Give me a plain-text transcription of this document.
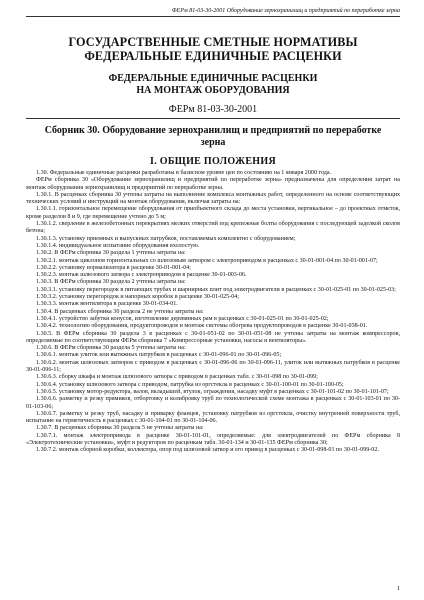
ФЕРм 81-03-30-2001 Оборудование зернохранилищ и предприятий по переработке зерна
ГОСУДАРСТВЕННЫЕ СМЕТНЫЕ НОРМАТИВЫ
ФЕДЕРАЛЬНЫЕ ЕДИНИЧНЫЕ РАСЦЕНКИ
ФЕДЕРАЛЬНЫЕ ЕДИНИЧНЫЕ РАСЦЕНКИ
НА МОНТАЖ ОБОРУДОВАНИЯ
ФЕРм 81-03-30-2001
Сборник 30. Оборудование зернохранилищ и предприятий по переработке
зерна
I. ОБЩИЕ ПОЛОЖЕНИЯ

1.30. Федеральные единичные расценки разработаны в базисном уровне цен по состоянию на 1 января 2000 года.

ФЕРм сборника 30 «Оборудование зернохранилищ и предприятий по переработке зерна» предназначены для определения затрат на монтаж оборудования зернохранилищ и предприятий по переработке зерна.

1.30.1. В расценках сборника 30 учтены затраты на выполнение комплекса монтажных работ, определенного на основе соответствующих технических условий и инструкций на монтаж оборудования, включая затраты на:

1.30.1.1. горизонтальное перемещение оборудования от приобъектного склада до места установки, вертикальное – до проектных отметок, кроме разделов 8 и 9, где перемещение учтено до 5 м;

1.30.1.2. сверление в железобетонных перекрытиях мелких отверстий под крепежные болты оборудования с последующей заделкой сколов бетона;

1.30.1.3. установку приемных и выпускных патрубков, поставляемых комплектно с оборудованием;

1.30.1.4. индивидуальное испытание оборудования вхолостую.

1.30.2. В ФЕРм сборника 30 раздела 1 учтены затраты на:

1.30.2.1. монтаж циклонов горизонтальных со шлюзовым затвором с электроприводом в расценках с 30-01-001-04 по 30-01-001-07;

1.30.2.2. установку нормализатора в расценке 30-01-001-04;

1.30.2.3. монтаж шлюзового затвора с электроприводом в расценке 30-01-003-06.

1.30.3. В ФЕРм сборника 30 раздела 2 учтены затраты на:

1.30.3.1. установку перегородок в питающих трубах и шарнирных плит под электродвигатели в расценках с 30-01-025-01 по 30-01-025-03;

1.30.3.2. установку перегородок и напорных коробок в расценке 30-01-025-04;

1.30.3.3. монтаж вентилятора в расценке 30-01-034-01.

1.30.4. В расценках сборника 30 раздела 2 не учтены затраты на:

1.30.4.1. устройство забутки конусов, изготовление деревянных рам в расценках с 30-01-025-01 по 30-01-025-02;

1.30.4.2. технологию оборудования, продуктопроводов и монтаж системы обогрева продуктопроводов в расценке 30-01-038-01.

1.30.5. В ФЕРм сборника 30 раздела 3 в расценках с 30-01-051-02 по 30-01-051-08 не учтены затраты на монтаж компрессоров, определяемые по соответствующим ФЕРм сборника 7 «Компрессорные установки, насосы и вентиляторы».

1.30.6. В ФЕРм сборника 30 раздела 5 учтены затраты на:

1.30.6.1. монтаж улиток или вытяжных патрубков в расценках с 30-01-096-01 по 30-01-096-05;

1.30.6.2. монтаж шлюзовых затворов с приводом в расценках с 30-01-096-06 по 30-01-096-11, улиток или вытяжных патрубков в расценке 30-01-096-11;

1.30.6.3. сборку шкафа и монтаж шлюзового затвора с приводом в расценках табл. с 30-01-098 по 30-01-099;

1.30.6.4. установку шлюзового затвора с приводом, патрубка из оргстекла в расценках с 30-01-100-01 по 30-01-100-05;

1.30.6.5. установку мотор-редуктора, валов, вкладышей, втулок, ограждения, насадку муфт в расценках с 30-01-101-02 по 30-01-101-07;

1.30.6.6. разметку и резку прямиков, отбортовку и колибровку труб по технологической схеме монтажа в расценках с 30-01-103-01 по 30-01-103-06;

1.30.6.7. разметку и резку труб, насадку и приварку фланцев, установку патрубков из оргстекла, очистку внутренней поверхности труб, испытание на герметичность в расценках с 30-01-104-01 по 30-01-104-06.

1.30.7. В расценках сборника 30 раздела 5 не учтены затраты на:

1.30.7.1. монтаж электропривода в расценке 30-01-101-01, определяемые: для электродвигателей по ФЕРм сборника 8 «Электротехнические установки», муфт и редукторов по расценкам табл. 30-01-134 и 30-01-135 ФЕРм сборника 30;

1.30.7.2. монтаж сборной коробки, коллектора, опор под шлюзовой затвор и его привод в расценках с 30-01-098-01 по 30-01-099-02.

1
